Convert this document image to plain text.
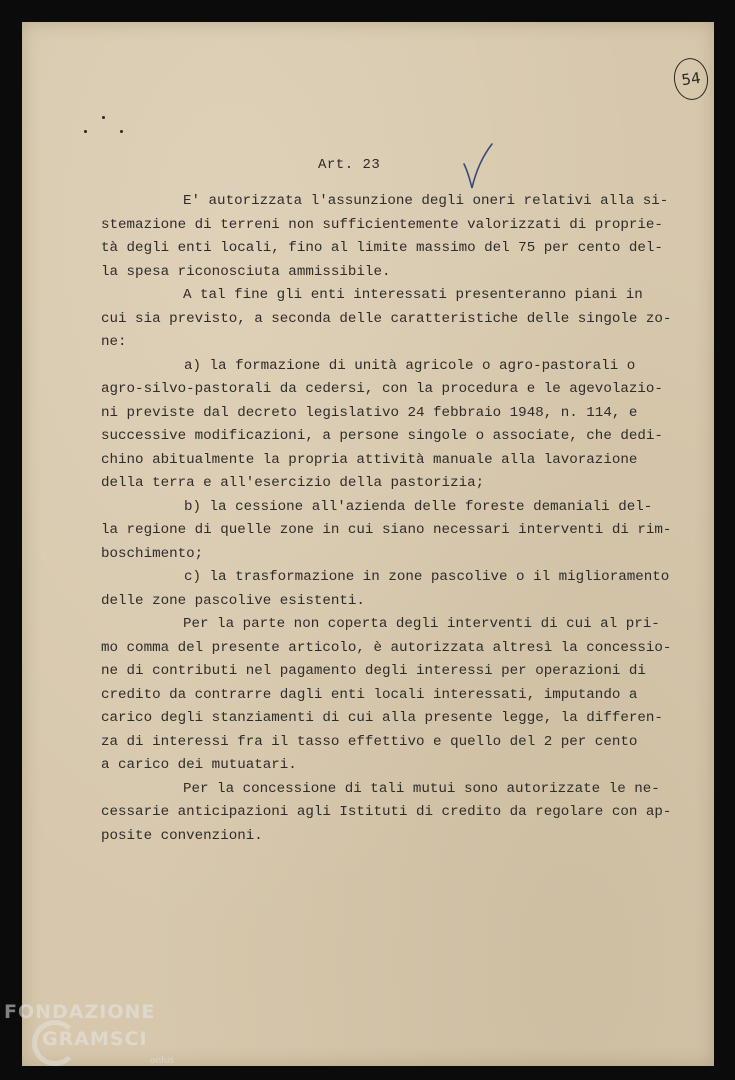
54
Art. 23
E' autorizzata l'assunzione degli oneri relativi alla si-
stemazione di terreni non sufficientemente valorizzati di proprie-
tà degli enti locali, fino al limite massimo del 75 per cento del-
la spesa riconosciuta ammissibile.
A tal fine gli enti interessati presenteranno piani in
cui sia previsto, a seconda delle caratteristiche delle singole zo-
ne:
a) la formazione di unità agricole o agro-pastorali o
agro-silvo-pastorali da cedersi, con la procedura e le agevolazio-
ni previste dal decreto legislativo 24 febbraio 1948, n. 114, e
successive modificazioni, a persone singole o associate, che dedi-
chino abitualmente la propria attività manuale alla lavorazione
della terra e all'esercizio della pastorizia;
b) la cessione all'azienda delle foreste demaniali del-
la regione di quelle zone in cui siano necessari interventi di rim-
boschimento;
c) la trasformazione in zone pascolive o il miglioramento
delle zone pascolive esistenti.
Per la parte non coperta degli interventi di cui al pri-
mo comma del presente articolo, è autorizzata altresì la concessio-
ne di contributi nel pagamento degli interessi per operazioni di
credito da contrarre dagli enti locali interessati, imputando a
carico degli stanziamenti di cui alla presente legge, la differen-
za di interessi fra il tasso effettivo e quello del 2 per cento
a carico dei mutuatari.
Per la concessione di tali mutui sono autorizzate le ne-
cessarie anticipazioni agli Istituti di credito da regolare con ap-
posite convenzioni.
FONDAZIONE
GRAMSCI
onlus
